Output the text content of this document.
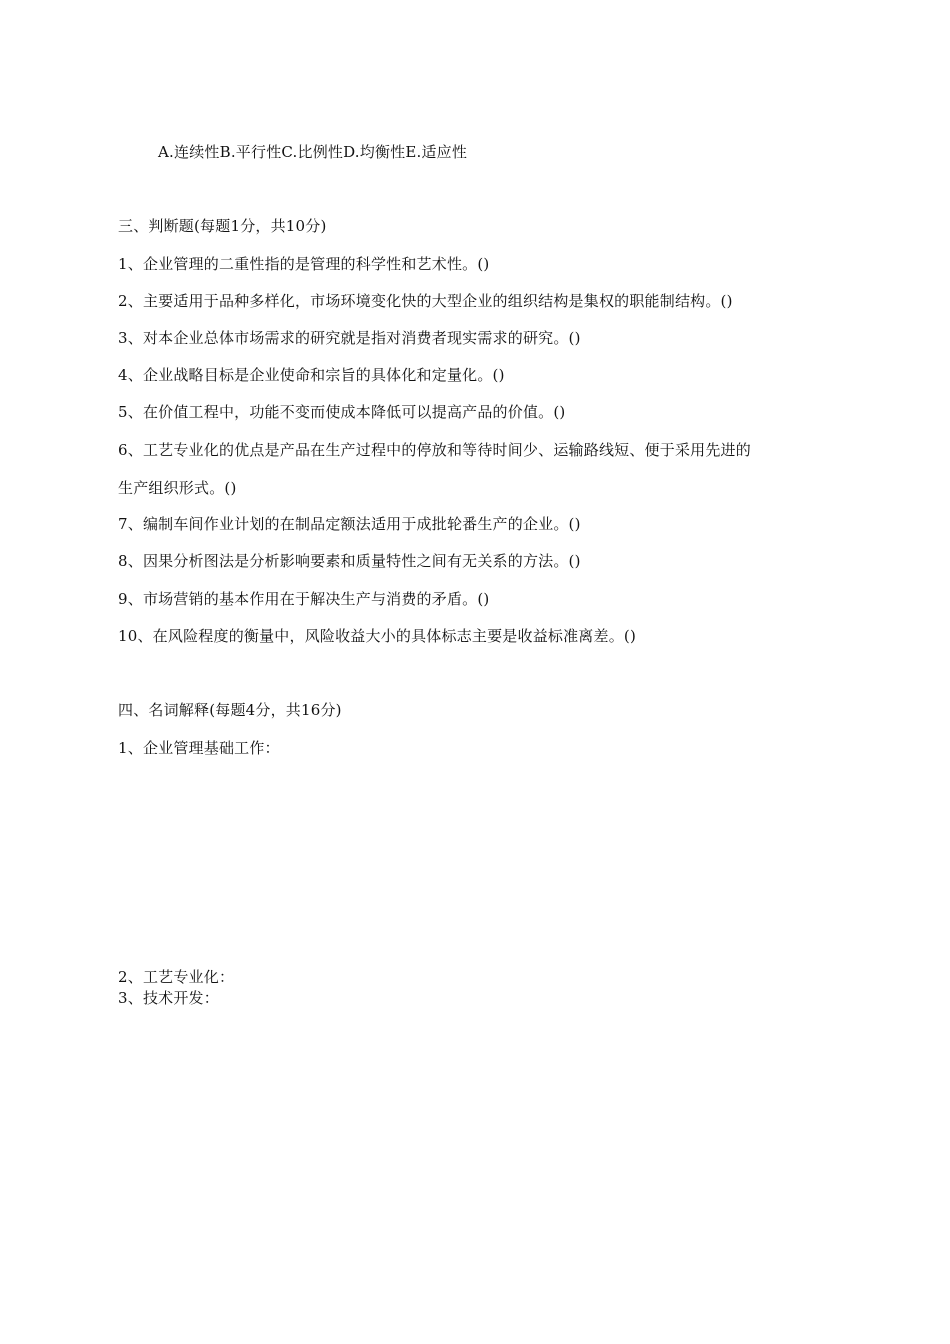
A.连续性B.平行性C.比例性D.均衡性E.适应性
三、判断题(每题1分，共10分)
1、企业管理的二重性指的是管理的科学性和艺术性。()
2、主要适用于品种多样化，市场环境变化快的大型企业的组织结构是集权的职能制结构。()
3、对本企业总体市场需求的研究就是指对消费者现实需求的研究。()
4、企业战略目标是企业使命和宗旨的具体化和定量化。()
5、在价值工程中，功能不变而使成本降低可以提高产品的价值。()
6、工艺专业化的优点是产品在生产过程中的停放和等待时间少、运输路线短、便于采用先进的
生产组织形式。()
7、编制车间作业计划的在制品定额法适用于成批轮番生产的企业。()
8、因果分析图法是分析影响要素和质量特性之间有无关系的方法。()
9、市场营销的基本作用在于解决生产与消费的矛盾。()
10、在风险程度的衡量中，风险收益大小的具体标志主要是收益标准离差。()
四、名词解释(每题4分，共16分)
1、企业管理基础工作：
2、工艺专业化：
3、技术开发：
